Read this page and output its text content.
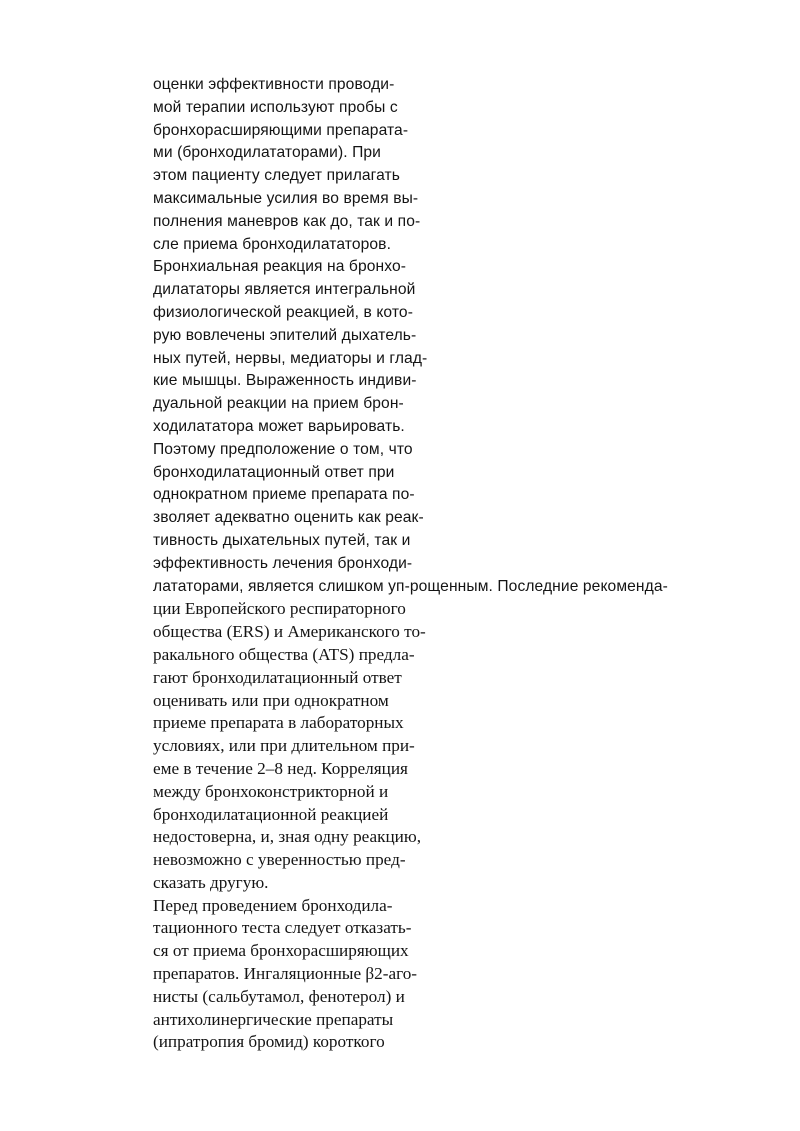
оценки эффективности проводи-
мой терапии используют пробы с
бронхорасширяющими препарата-
ми (бронходилататорами). При
этом пациенту следует прилагать
максимальные усилия во время вы-
полнения маневров как до, так и по-
сле приема бронходилататоров.
Бронхиальная реакция на бронхо-
дилататоры является интегральной
физиологической реакцией, в кото-
рую вовлечены эпителий дыхатель-
ных путей, нервы, медиаторы и глад-
кие мышцы. Выраженность индиви-
дуальной реакции на прием брон-
ходилататора может варьировать.
Поэтому предположение о том, что
бронходилатационный ответ при
однократном приеме препарата по-
зволяет адекватно оценить как реак-
тивность дыхательных путей, так и
эффективность лечения бронходи-
лататорами, является слишком уп-рощенным. Последние рекоменда-
ции Европейского респираторного
общества (ERS) и Американского то-
ракального общества (ATS) предла-
гают бронходилатационный ответ
оценивать или при однократном
приеме препарата в лабораторных
условиях, или при длительном при-
еме в течение 2–8 нед. Корреляция
между бронхоконстрикторной и
бронходилатационной реакцией
недостоверна, и, зная одну реакцию,
невозможно с уверенностью пред-
сказать другую.
Перед проведением бронходила-
тационного теста следует отказать-
ся от приема бронхорасширяющих
препаратов. Ингаляционные β2-аго-
нисты (сальбутамол, фенотерол) и
антихолинергические препараты
(ипратропия бромид) короткого
